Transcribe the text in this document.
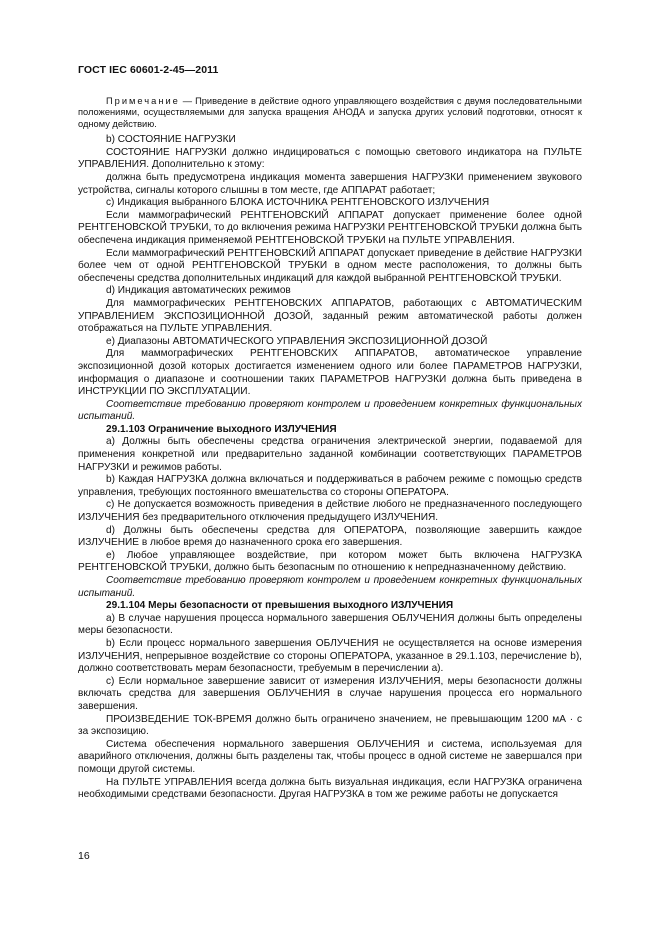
ГОСТ IEC 60601-2-45—2011

Примечание — Приведение в действие одного управляющего воздействия с двумя последовательными положениями, осуществляемыми для запуска вращения АНОДА и запуска других условий подготовки, относят к одному действию.

b) СОСТОЯНИЕ НАГРУЗКИ

СОСТОЯНИЕ НАГРУЗКИ должно индицироваться с помощью светового индикатора на ПУЛЬТЕ УПРАВЛЕНИЯ. Дополнительно к этому:

должна быть предусмотрена индикация момента завершения НАГРУЗКИ применением звукового устройства, сигналы которого слышны в том месте, где АППАРАТ работает;

c) Индикация выбранного БЛОКА ИСТОЧНИКА РЕНТГЕНОВСКОГО ИЗЛУЧЕНИЯ

Если маммографический РЕНТГЕНОВСКИЙ АППАРАТ допускает применение более одной РЕНТГЕНОВСКОЙ ТРУБКИ, то до включения режима НАГРУЗКИ РЕНТГЕНОВСКОЙ ТРУБКИ должна быть обеспечена индикация применяемой РЕНТГЕНОВСКОЙ ТРУБКИ на ПУЛЬТЕ УПРАВЛЕНИЯ.

Если маммографический РЕНТГЕНОВСКИЙ АППАРАТ допускает приведение в действие НАГРУЗКИ более чем от одной РЕНТГЕНОВСКОЙ ТРУБКИ в одном месте расположения, то должны быть обеспечены средства дополнительных индикаций для каждой выбранной РЕНТГЕНОВСКОЙ ТРУБКИ.

d) Индикация автоматических режимов

Для маммографических РЕНТГЕНОВСКИХ АППАРАТОВ, работающих с АВТОМАТИЧЕСКИМ УПРАВЛЕНИЕМ ЭКСПОЗИЦИОННОЙ ДОЗОЙ, заданный режим автоматической работы должен отображаться на ПУЛЬТЕ УПРАВЛЕНИЯ.

e) Диапазоны АВТОМАТИЧЕСКОГО УПРАВЛЕНИЯ ЭКСПОЗИЦИОННОЙ ДОЗОЙ

Для маммографических РЕНТГЕНОВСКИХ АППАРАТОВ, автоматическое управление экспозиционной дозой которых достигается изменением одного или более ПАРАМЕТРОВ НАГРУЗКИ, информация о диапазоне и соотношении таких ПАРАМЕТРОВ НАГРУЗКИ должна быть приведена в ИНСТРУКЦИИ ПО ЭКСПЛУАТАЦИИ.

Соответствие требованию проверяют контролем и проведением конкретных функциональных испытаний.

29.1.103 Ограничение выходного ИЗЛУЧЕНИЯ

a) Должны быть обеспечены средства ограничения электрической энергии, подаваемой для применения конкретной или предварительно заданной комбинации соответствующих ПАРАМЕТРОВ НАГРУЗКИ и режимов работы.

b) Каждая НАГРУЗКА должна включаться и поддерживаться в рабочем режиме с помощью средств управления, требующих постоянного вмешательства со стороны ОПЕРАТОРА.

c) Не допускается возможность приведения в действие любого не предназначенного последующего ИЗЛУЧЕНИЯ без предварительного отключения предыдущего ИЗЛУЧЕНИЯ.

d) Должны быть обеспечены средства для ОПЕРАТОРА, позволяющие завершить каждое ИЗЛУЧЕНИЕ в любое время до назначенного срока его завершения.

e) Любое управляющее воздействие, при котором может быть включена НАГРУЗКА РЕНТГЕНОВСКОЙ ТРУБКИ, должно быть безопасным по отношению к непредназначенному действию.

Соответствие требованию проверяют контролем и проведением конкретных функциональных испытаний.

29.1.104 Меры безопасности от превышения выходного ИЗЛУЧЕНИЯ

a) В случае нарушения процесса нормального завершения ОБЛУЧЕНИЯ должны быть определены меры безопасности.

b) Если процесс нормального завершения ОБЛУЧЕНИЯ не осуществляется на основе измерения ИЗЛУЧЕНИЯ, непрерывное воздействие со стороны ОПЕРАТОРА, указанное в 29.1.103, перечисление b), должно соответствовать мерам безопасности, требуемым в перечислении a).

c) Если нормальное завершение зависит от измерения ИЗЛУЧЕНИЯ, меры безопасности должны включать средства для завершения ОБЛУЧЕНИЯ в случае нарушения процесса его нормального завершения.

ПРОИЗВЕДЕНИЕ ТОК-ВРЕМЯ должно быть ограничено значением, не превышающим 1200 мА · с за экспозицию.

Система обеспечения нормального завершения ОБЛУЧЕНИЯ и система, используемая для аварийного отключения, должны быть разделены так, чтобы процесс в одной системе не завершался при помощи другой системы.

На ПУЛЬТЕ УПРАВЛЕНИЯ всегда должна быть визуальная индикация, если НАГРУЗКА ограничена необходимыми средствами безопасности. Другая НАГРУЗКА в том же режиме работы не допускается

16
